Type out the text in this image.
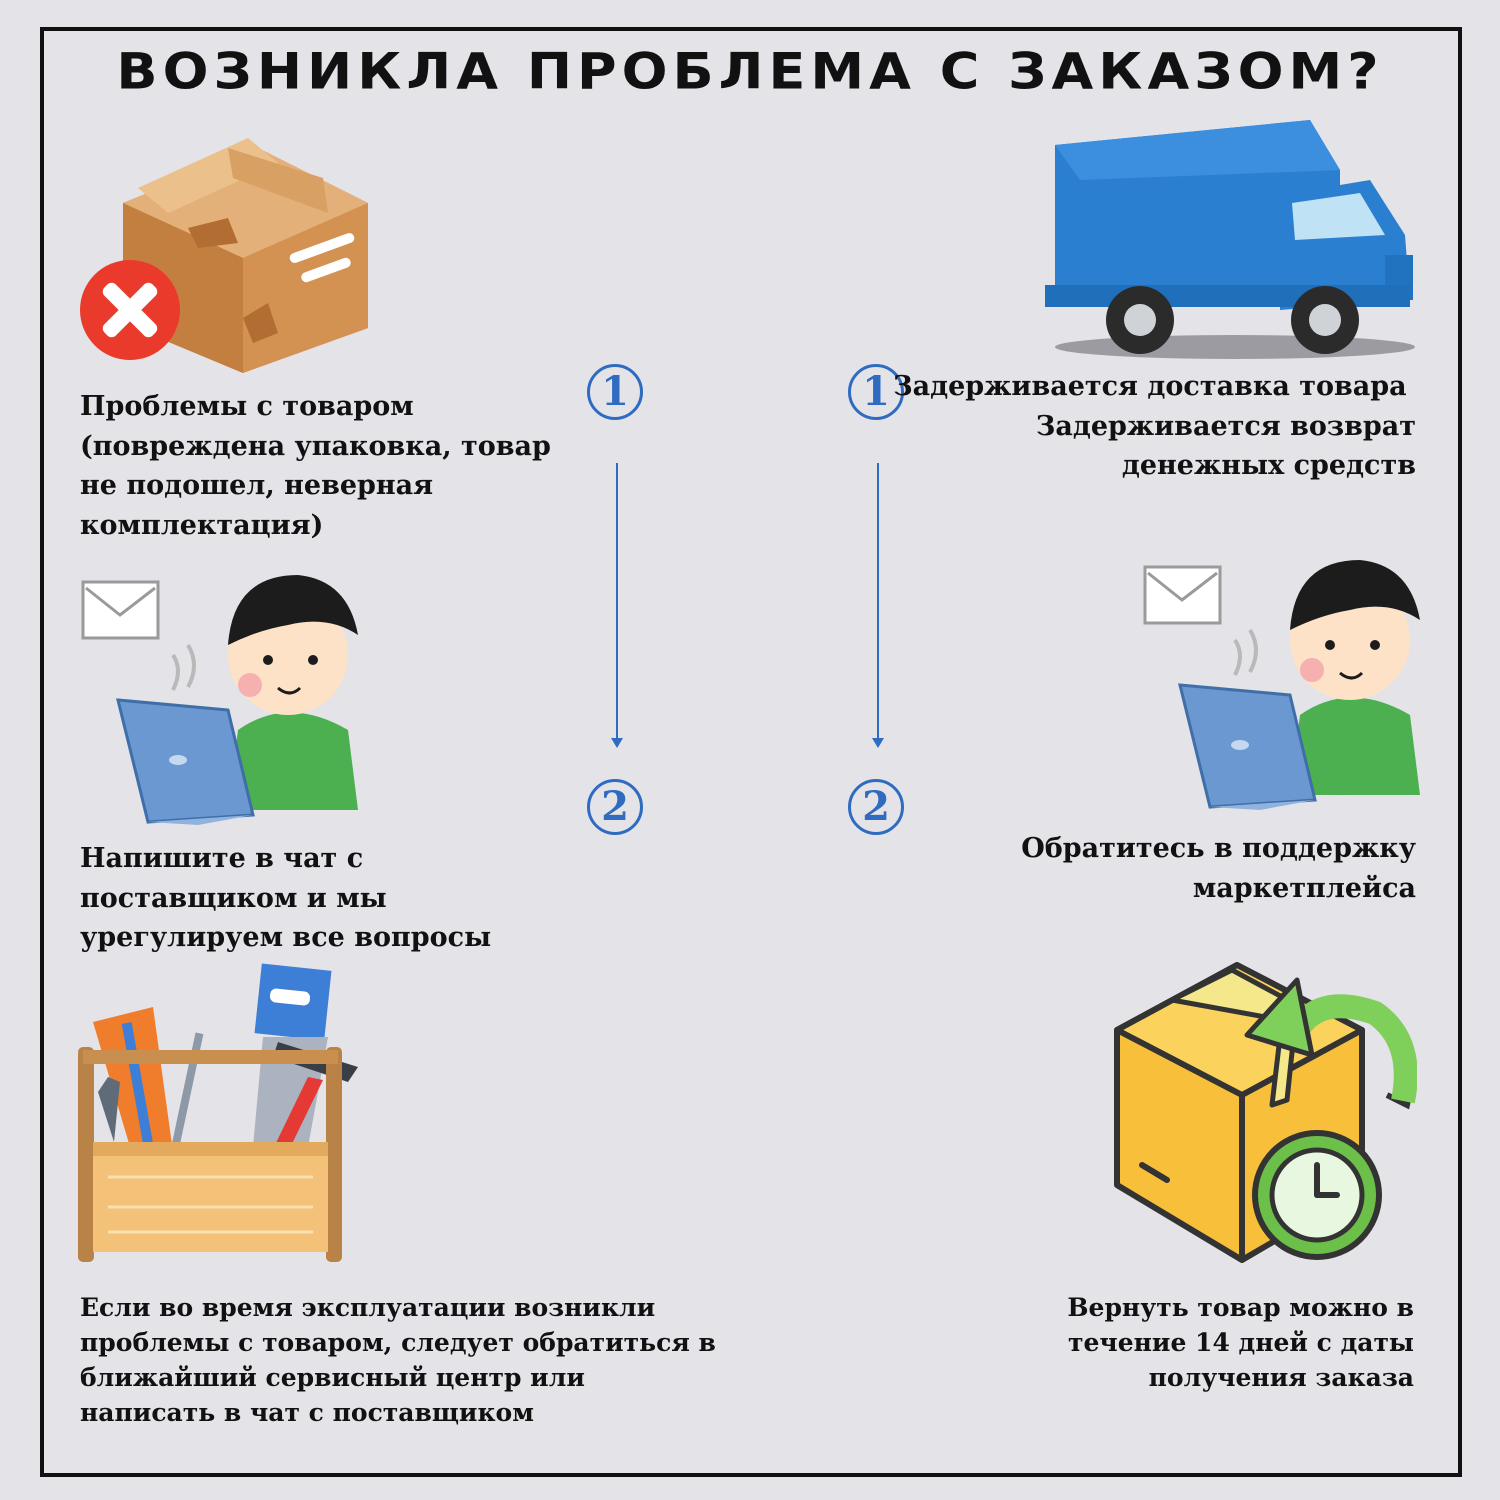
ВОЗНИКЛА ПРОБЛЕМА С ЗАКАЗОМ?
1	1
2	2
Проблемы с товаром
(повреждена упаковка, товар
не подошел, неверная
комплектация)
Напишите в чат с
поставщиком и мы
урегулируем все вопросы
Если во время эксплуатации возникли
проблемы с товаром, следует обратиться в
ближайший сервисный центр или
написать в чат с поставщиком
Задерживается доставка товара
Задерживается возврат
денежных средств
Обратитесь в поддержку
маркетплейса
Вернуть товар можно в
течение 14 дней с даты
получения заказа
